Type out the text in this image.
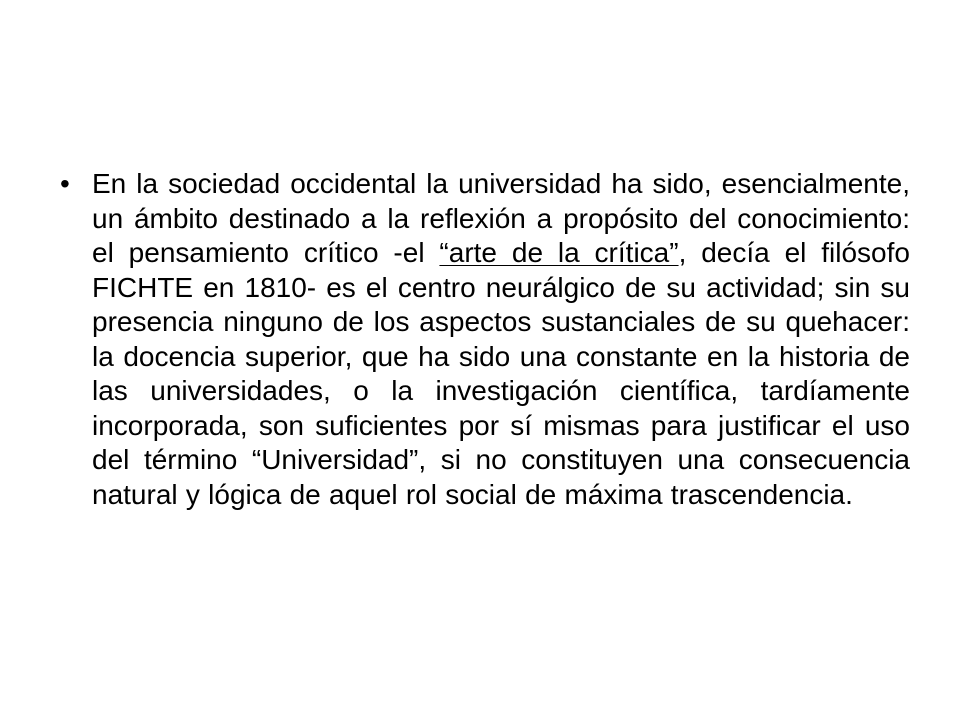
• En la sociedad occidental la universidad ha sido, esencialmente, un ámbito destinado a la reflexión a propósito del conocimiento: el pensamiento crítico -el “arte de la crítica”, decía el filósofo FICHTE en 1810- es el centro neurálgico de su actividad; sin su presencia ninguno de los aspectos sustanciales de su quehacer: la docencia superior, que ha sido una constante en la historia de las universidades, o la investigación científica, tardíamente incorporada, son suficientes por sí mismas para justificar el uso del término “Universidad”, si no constituyen una consecuencia natural y lógica de aquel rol social de máxima trascendencia.
